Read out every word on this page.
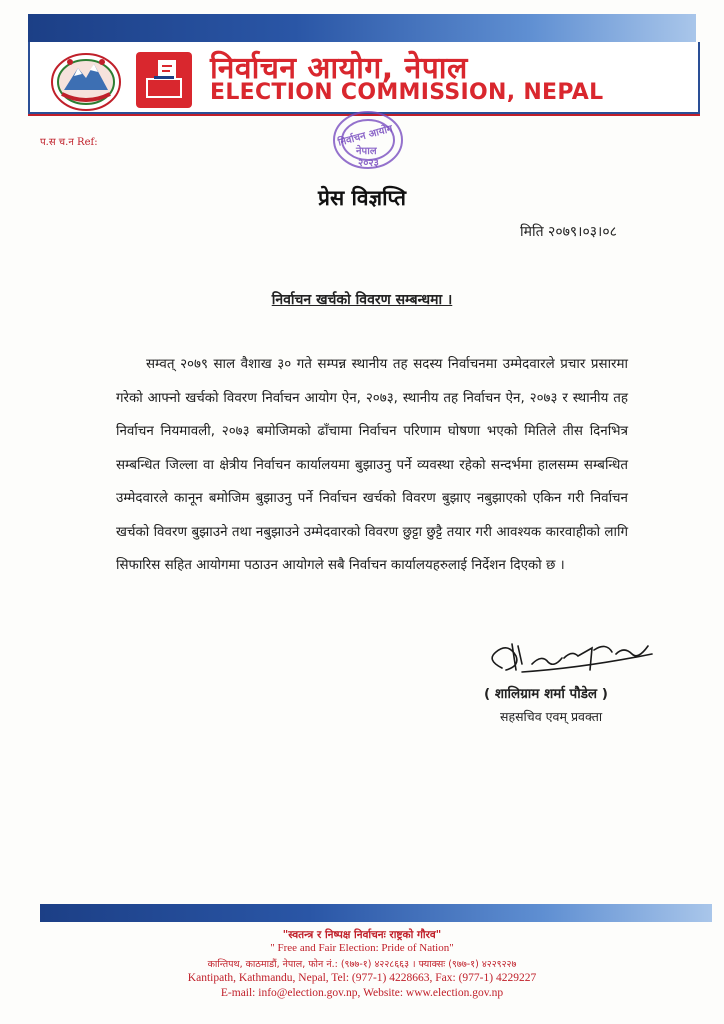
निर्वाचन आयोग, नेपाल
ELECTION COMMISSION, NEPAL
प.स च.न Ref:	निर्वाचन आयोग
नेपाल
२०२३
प्रेस विज्ञप्ति
मिति २०७९।०३।०८
निर्वाचन खर्चको विवरण सम्बन्धमा ।
सम्वत् २०७९ साल वैशाख ३० गते सम्पन्न स्थानीय तह सदस्य निर्वाचनमा उम्मेदवारले प्रचार प्रसारमा गरेको आफ्नो खर्चको विवरण निर्वाचन आयोग ऐन, २०७३, स्थानीय तह निर्वाचन ऐन, २०७३ र स्थानीय तह निर्वाचन नियमावली, २०७३ बमोजिमको ढाँचामा निर्वाचन परिणाम घोषणा भएको मितिले तीस दिनभित्र सम्बन्धित जिल्ला वा क्षेत्रीय निर्वाचन कार्यालयमा बुझाउनु पर्ने व्यवस्था रहेको सन्दर्भमा हालसम्म सम्बन्धित उम्मेदवारले कानून बमोजिम बुझाउनु पर्ने निर्वाचन खर्चको विवरण बुझाए नबुझाएको एकिन गरी निर्वाचन खर्चको विवरण बुझाउने तथा नबुझाउने उम्मेदवारको विवरण छुट्टा छुट्टै तयार गरी आवश्यक कारवाहीको लागि सिफारिस सहित आयोगमा पठाउन आयोगले सबै निर्वाचन कार्यालयहरुलाई निर्देशन दिएको छ ।
( शालिग्राम शर्मा पौडेल )
सहसचिव एवम् प्रवक्ता
"स्वतन्त्र र निष्पक्ष निर्वाचनः राष्ट्रको गौरव"
" Free and Fair Election: Pride of Nation"
कान्तिपथ, काठमाडौं, नेपाल, फोन नं.: (९७७-१) ४२२८६६३ । फ्याक्सः (९७७-१) ४२२९२२७
Kantipath, Kathmandu, Nepal, Tel: (977-1) 4228663, Fax: (977-1) 4229227
E-mail: info@election.gov.np, Website: www.election.gov.np
